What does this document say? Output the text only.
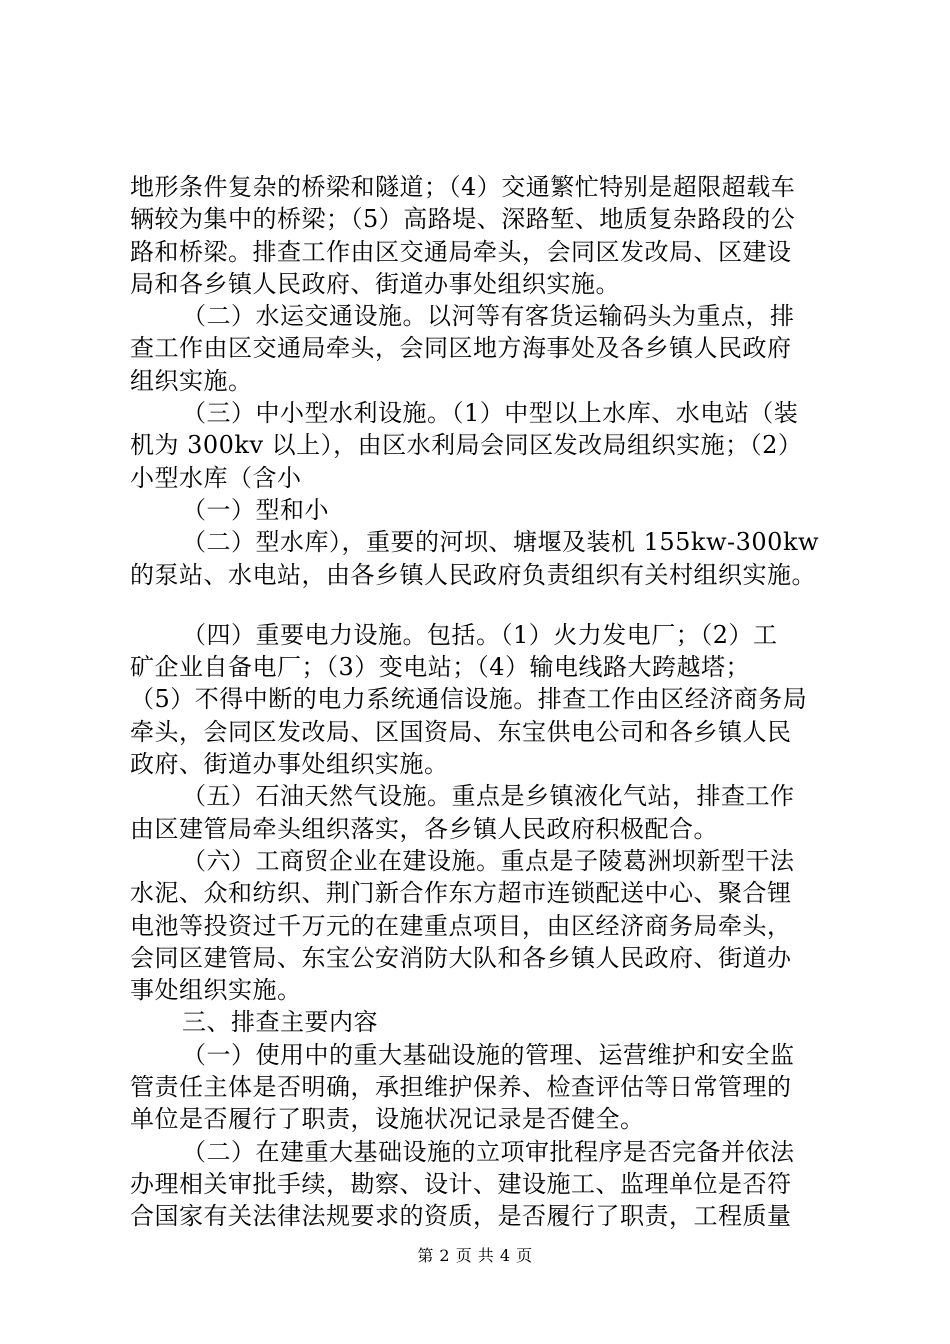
地形条件复杂的桥梁和隧道；（4）交通繁忙特别是超限超载车
辆较为集中的桥梁；（5）高路堤、深路堑、地质复杂路段的公
路和桥梁。排查工作由区交通局牵头，会同区发改局、区建设
局和各乡镇人民政府、街道办事处组织实施。
（二）水运交通设施。以河等有客货运输码头为重点，排
查工作由区交通局牵头，会同区地方海事处及各乡镇人民政府
组织实施。
（三）中小型水利设施。（1）中型以上水库、水电站（装
机为 300kv 以上），由区水利局会同区发改局组织实施；（2）
小型水库（含小
（一）型和小
（二）型水库），重要的河坝、塘堰及装机 155kw-300kw
的泵站、水电站，由各乡镇人民政府负责组织有关村组织实施。
（四）重要电力设施。包括。（1）火力发电厂；（2）工
矿企业自备电厂；（3）变电站；（4）输电线路大跨越塔；
（5）不得中断的电力系统通信设施。排查工作由区经济商务局
牵头，会同区发改局、区国资局、东宝供电公司和各乡镇人民
政府、街道办事处组织实施。
（五）石油天然气设施。重点是乡镇液化气站，排查工作
由区建管局牵头组织落实，各乡镇人民政府积极配合。
（六）工商贸企业在建设施。重点是子陵葛洲坝新型干法
水泥、众和纺织、荆门新合作东方超市连锁配送中心、聚合锂
电池等投资过千万元的在建重点项目，由区经济商务局牵头，
会同区建管局、东宝公安消防大队和各乡镇人民政府、街道办
事处组织实施。
三、排查主要内容
（一）使用中的重大基础设施的管理、运营维护和安全监
管责任主体是否明确，承担维护保养、检查评估等日常管理的
单位是否履行了职责，设施状况记录是否健全。
（二）在建重大基础设施的立项审批程序是否完备并依法
办理相关审批手续，勘察、设计、建设施工、监理单位是否符
合国家有关法律法规要求的资质，是否履行了职责，工程质量
第 2 页 共 4 页
